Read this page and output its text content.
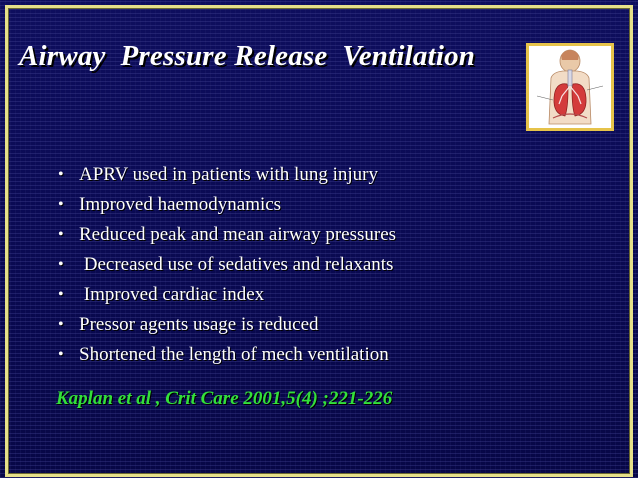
Airway  Pressure Release  Ventilation
• APRV used in patients with lung injury
• Improved haemodynamics
• Reduced peak and mean airway pressures
• Decreased use of sedatives and relaxants
• Improved cardiac index
• Pressor agents usage is reduced
• Shortened the length of mech ventilation
Kaplan et al , Crit Care 2001,5(4) ;221-226
